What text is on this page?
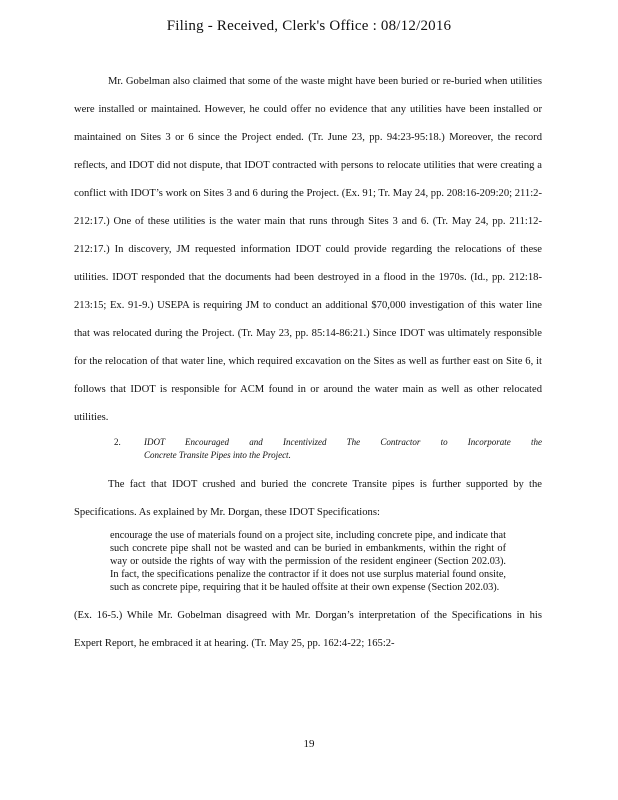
Filing - Received, Clerk's Office : 08/12/2016

Mr. Gobelman also claimed that some of the waste might have been buried or re-buried when utilities were installed or maintained. However, he could offer no evidence that any utilities have been installed or maintained on Sites 3 or 6 since the Project ended. (Tr. June 23, pp. 94:23-95:18.) Moreover, the record reflects, and IDOT did not dispute, that IDOT contracted with persons to relocate utilities that were creating a conflict with IDOT’s work on Sites 3 and 6 during the Project. (Ex. 91; Tr. May 24, pp. 208:16-209:20; 211:2-212:17.) One of these utilities is the water main that runs through Sites 3 and 6. (Tr. May 24, pp. 211:12-212:17.) In discovery, JM requested information IDOT could provide regarding the relocations of these utilities. IDOT responded that the documents had been destroyed in a flood in the 1970s. (Id., pp. 212:18-213:15; Ex. 91-9.) USEPA is requiring JM to conduct an additional $70,000 investigation of this water line that was relocated during the Project. (Tr. May 23, pp. 85:14-86:21.) Since IDOT was ultimately responsible for the relocation of that water line, which required excavation on the Sites as well as further east on Site 6, it follows that IDOT is responsible for ACM found in or around the water main as well as other relocated utilities.

2.	IDOT Encouraged and Incentivized The Contractor to Incorporate the
Concrete Transite Pipes into the Project.

The fact that IDOT crushed and buried the concrete Transite pipes is further supported by the Specifications. As explained by Mr. Dorgan, these IDOT Specifications:

encourage the use of materials found on a project site, including concrete pipe, and indicate that such concrete pipe shall not be wasted and can be buried in embankments, within the right of way or outside the rights of way with the permission of the resident engineer (Section 202.03). In fact, the specifications penalize the contractor if it does not use surplus material found onsite, such as concrete pipe, requiring that it be hauled offsite at their own expense (Section 202.03).

(Ex. 16-5.) While Mr. Gobelman disagreed with Mr. Dorgan’s interpretation of the Specifications in his Expert Report, he embraced it at hearing. (Tr. May 25, pp. 162:4-22; 165:2-

19
